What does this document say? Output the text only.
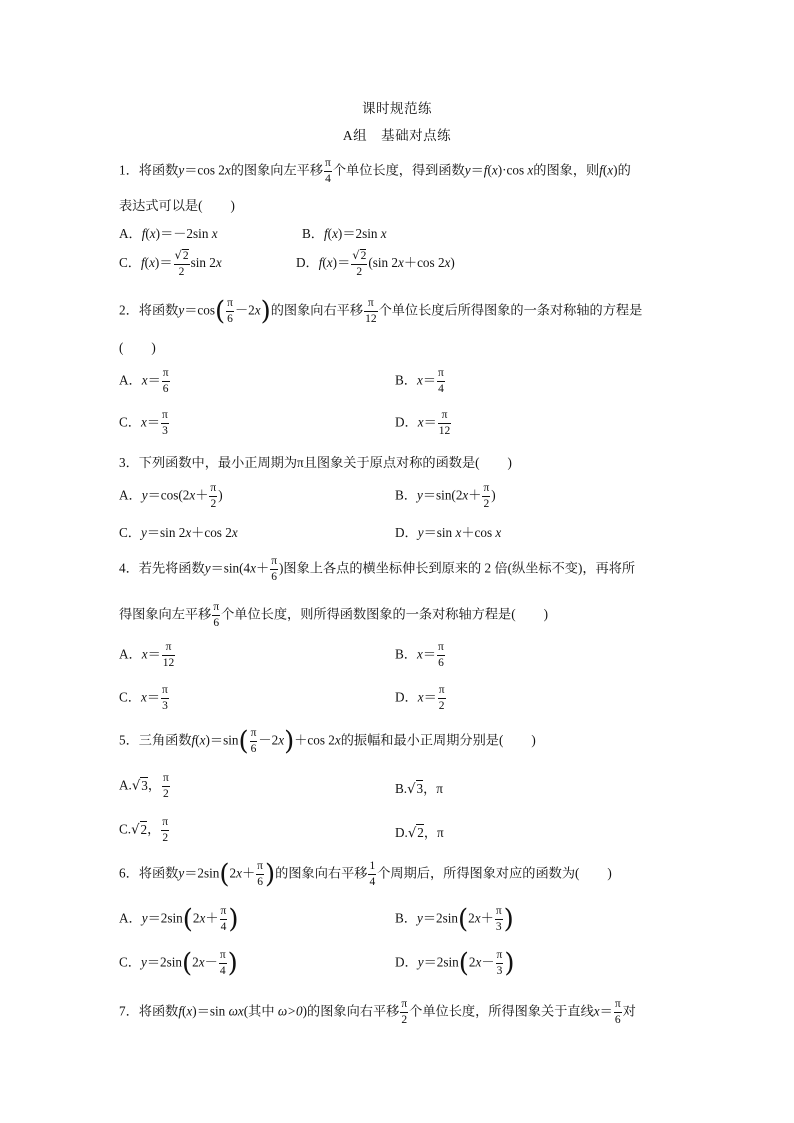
课时规范练
A组　基础对点练
1．将函数y＝cos 2x的图象向左平移 $\frac{\pi}{4}$ 个单位长度，得到函数y＝f(x)·cos x的图象，则f(x)的
表达式可以是( )
A．f(x)＝－2sin x	B．f(x)＝2sin x
C．$f(x)= \frac{√2}{2}$ sin 2x	D．$f(x)= \frac{√2}{2} (\sin$ 2x＋cos 2x)
2．将函数$y=\cos( \frac{\pi}{6} -2x)$的图象向右平移 $\frac{\pi}{12}$ 个单位长度后所得图象的一条对称轴的方程是
( )
A．$x= \frac{\pi}{6}$	B．$x= \frac{\pi}{4}$
C．$x= \frac{\pi}{3}$	D．$x= \frac{\pi}{12}$
3．下列函数中，最小正周期为π且图象关于原点对称的函数是( )
A．$y=\cos(2x+ \frac{\pi}{2}$ )	B．$y=\sin(2x+ \frac{\pi}{2}$ )
C．y＝sin 2x＋cos 2x	D．y＝sin x＋cos x
4．若先将函数$y=\sin(4x+ \frac{\pi}{6}$ )图象上各点的横坐标伸长到原来的 2 倍(纵坐标不变)，再将所
得图象向左平移 $\frac{\pi}{6}$ 个单位长度，则所得函数图象的一条对称轴方程是( )
A．$x= \frac{\pi}{12}$	B．$x= \frac{\pi}{6}$
C．$x= \frac{\pi}{3}$	D．$x= \frac{\pi}{2}$
5．三角函数$f(x)=\sin( \frac{\pi}{6} -2x)+\cos$ 2x的振幅和最小正周期分别是( )
A.√3， $\frac{\pi}{2}$	B.√3，π
C.√2， $\frac{\pi}{2}$	D.√2，π
6．将函数$y=2\sin(2x+ \frac{\pi}{6}$ )的图象向右平移 $\frac{1}{4}$ 个周期后，所得图象对应的函数为( )
A．$y=2\sin(2x+ \frac{\pi}{4}$ )	B．$y=2\sin(2x+ \frac{\pi}{3}$ )
C．$y=2\sin(2x- \frac{\pi}{4}$ )	D．$y=2\sin(2x- \frac{\pi}{3}$ )
7．将函数f(x)＝sin ωx(其中 ω>0)的图象向右平移 $\frac{\pi}{2}$ 个单位长度，所得图象关于直线$x= \frac{\pi}{6}$ 对
